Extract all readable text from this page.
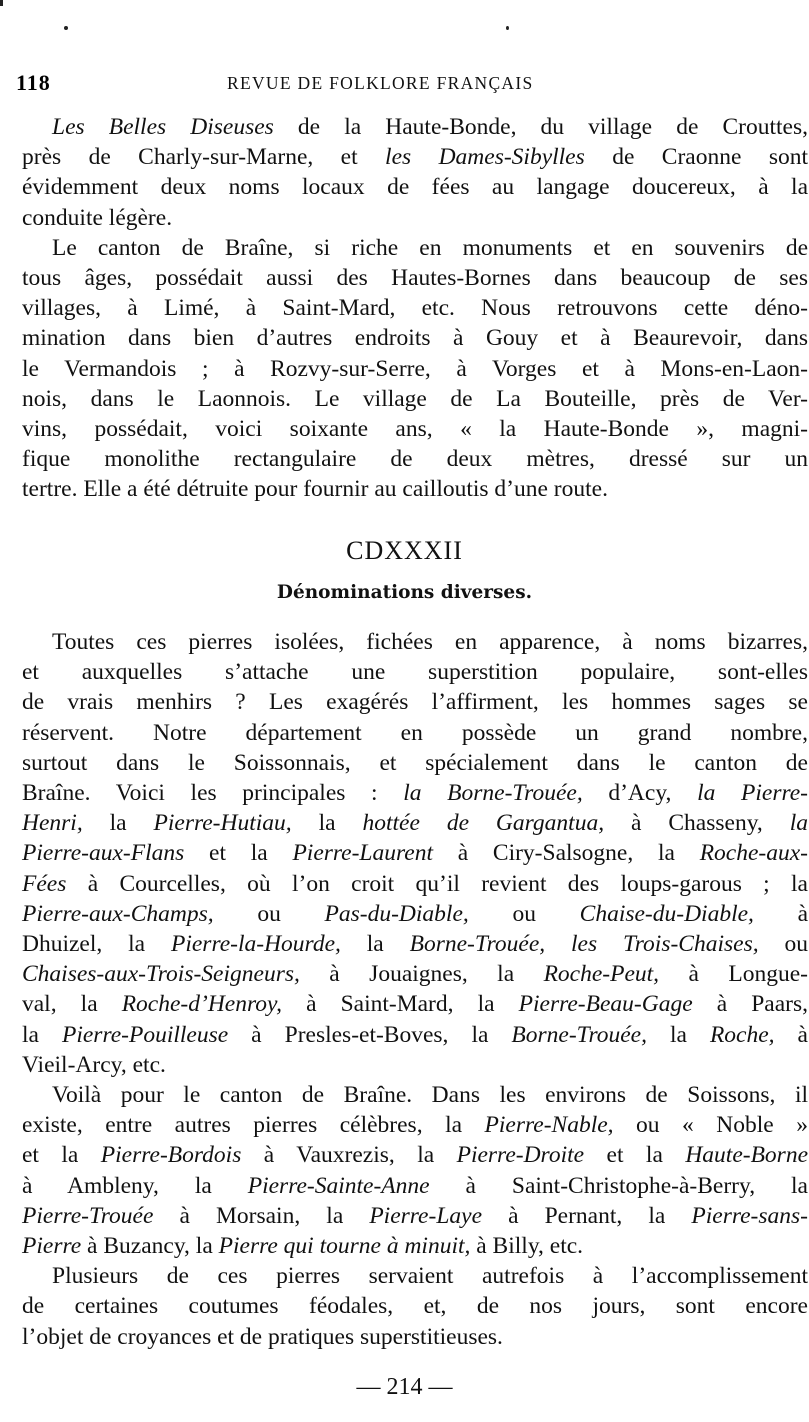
118	REVUE DE FOLKLORE FRANÇAIS

Les Belles Diseuses de la Haute-Bonde, du village de Crouttes,
près de Charly-sur-Marne, et les Dames-Sibylles de Craonne sont
évidemment deux noms locaux de fées au langage doucereux, à la
conduite légère.

Le canton de Braîne, si riche en monuments et en souvenirs de
tous âges, possédait aussi des Hautes-Bornes dans beaucoup de ses
villages, à Limé, à Saint-Mard, etc. Nous retrouvons cette déno-
mination dans bien d’autres endroits à Gouy et à Beaurevoir, dans
le Vermandois ; à Rozvy-sur-Serre, à Vorges et à Mons-en-Laon-
nois, dans le Laonnois. Le village de La Bouteille, près de Ver-
vins, possédait, voici soixante ans, « la Haute-Bonde », magni-
fique monolithe rectangulaire de deux mètres, dressé sur un
tertre. Elle a été détruite pour fournir au cailloutis d’une route.

CDXXXII
Dénominations diverses.

Toutes ces pierres isolées, fichées en apparence, à noms bizarres,
et auxquelles s’attache une superstition populaire, sont-elles
de vrais menhirs ? Les exagérés l’affirment, les hommes sages se
réservent. Notre département en possède un grand nombre,
surtout dans le Soissonnais, et spécialement dans le canton de
Braîne. Voici les principales : la Borne-Trouée, d’Acy, la Pierre-
Henri, la Pierre-Hutiau, la hottée de Gargantua, à Chasseny, la
Pierre-aux-Flans et la Pierre-Laurent à Ciry-Salsogne, la Roche-aux-
Fées à Courcelles, où l’on croit qu’il revient des loups-garous ; la
Pierre-aux-Champs, ou Pas-du-Diable, ou Chaise-du-Diable, à
Dhuizel, la Pierre-la-Hourde, la Borne-Trouée, les Trois-Chaises, ou
Chaises-aux-Trois-Seigneurs, à Jouaignes, la Roche-Peut, à Longue-
val, la Roche-d’Henroy, à Saint-Mard, la Pierre-Beau-Gage à Paars,
la Pierre-Pouilleuse à Presles-et-Boves, la Borne-Trouée, la Roche, à
Vieil-Arcy, etc.

Voilà pour le canton de Braîne. Dans les environs de Soissons, il
existe, entre autres pierres célèbres, la Pierre-Nable, ou « Noble »
et la Pierre-Bordois à Vauxrezis, la Pierre-Droite et la Haute-Borne
à Ambleny, la Pierre-Sainte-Anne à Saint-Christophe-à-Berry, la
Pierre-Trouée à Morsain, la Pierre-Laye à Pernant, la Pierre-sans-
Pierre à Buzancy, la Pierre qui tourne à minuit, à Billy, etc.

Plusieurs de ces pierres servaient autrefois à l’accomplissement
de certaines coutumes féodales, et, de nos jours, sont encore
l’objet de croyances et de pratiques superstitieuses.

— 214 —
